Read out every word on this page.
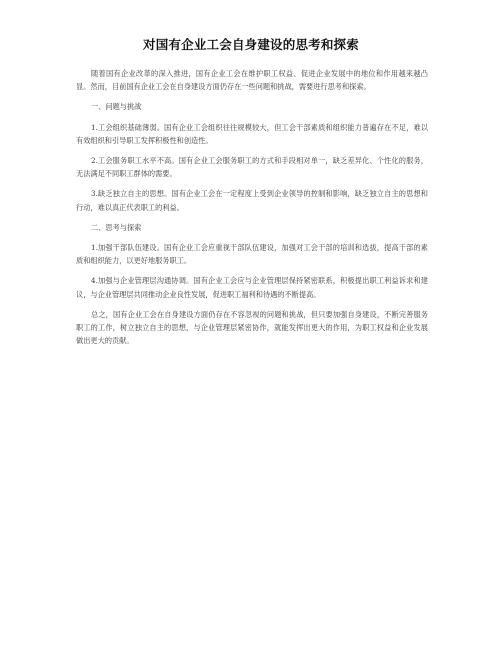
对国有企业工会自身建设的思考和探索

随着国有企业改革的深入推进，国有企业工会在维护职工权益、促进企业发展中的地位和作用越来越凸显。然而，目前国有企业工会在自身建设方面仍存在一些问题和挑战，需要进行思考和探索。

一、问题与挑战

1.工会组织基础薄弱。国有企业工会组织往往规模较大，但工会干部素质和组织能力普遍存在不足，难以有效组织和引导职工发挥积极性和创造性。

2.工会服务职工水平不高。国有企业工会服务职工的方式和手段相对单一，缺乏差异化、个性化的服务，无法满足不同职工群体的需要。

3.缺乏独立自主的思想。国有企业工会在一定程度上受到企业领导的控制和影响，缺乏独立自主的思想和行动，难以真正代表职工的利益。

二、思考与探索

1.加强干部队伍建设。国有企业工会应重视干部队伍建设，加强对工会干部的培训和选拔，提高干部的素质和组织能力，以更好地服务职工。

4.加强与企业管理层沟通协调。国有企业工会应与企业管理层保持紧密联系，积极提出职工利益诉求和建议，与企业管理层共同推动企业良性发展，促进职工福利和待遇的不断提高。

总之，国有企业工会在自身建设方面仍存在不容忽视的问题和挑战，但只要加强自身建设，不断完善服务职工的工作，树立独立自主的思想，与企业管理层紧密协作，就能发挥出更大的作用，为职工权益和企业发展做出更大的贡献。
